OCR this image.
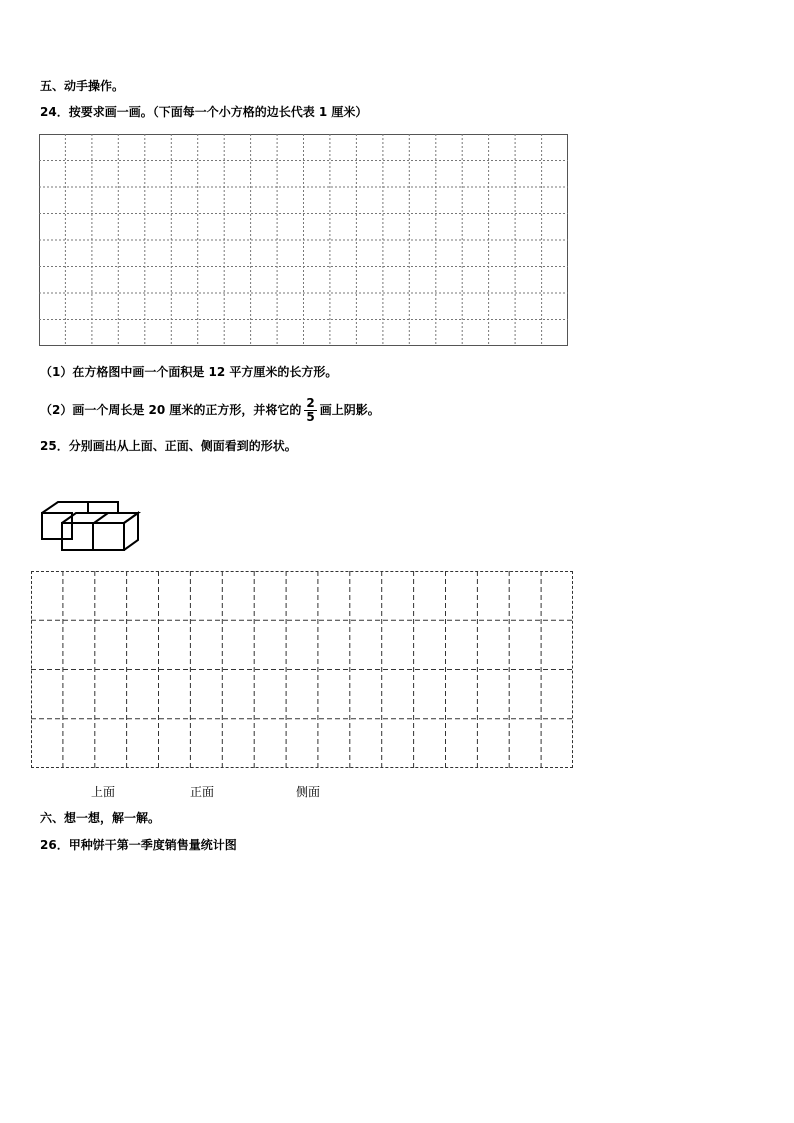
五、动手操作。
24．按要求画一画。（下面每一个小方格的边长代表 1 厘米）
（1）在方格图中画一个面积是 12 平方厘米的长方形。
（2）画一个周长是 20 厘米的正方形，并将它的 $\frac{2}{5}$ 画上阴影。
25．分别画出从上面、正面、侧面看到的形状。
上面	正面	侧面
六、想一想，解一解。
26．甲种饼干第一季度销售量统计图
